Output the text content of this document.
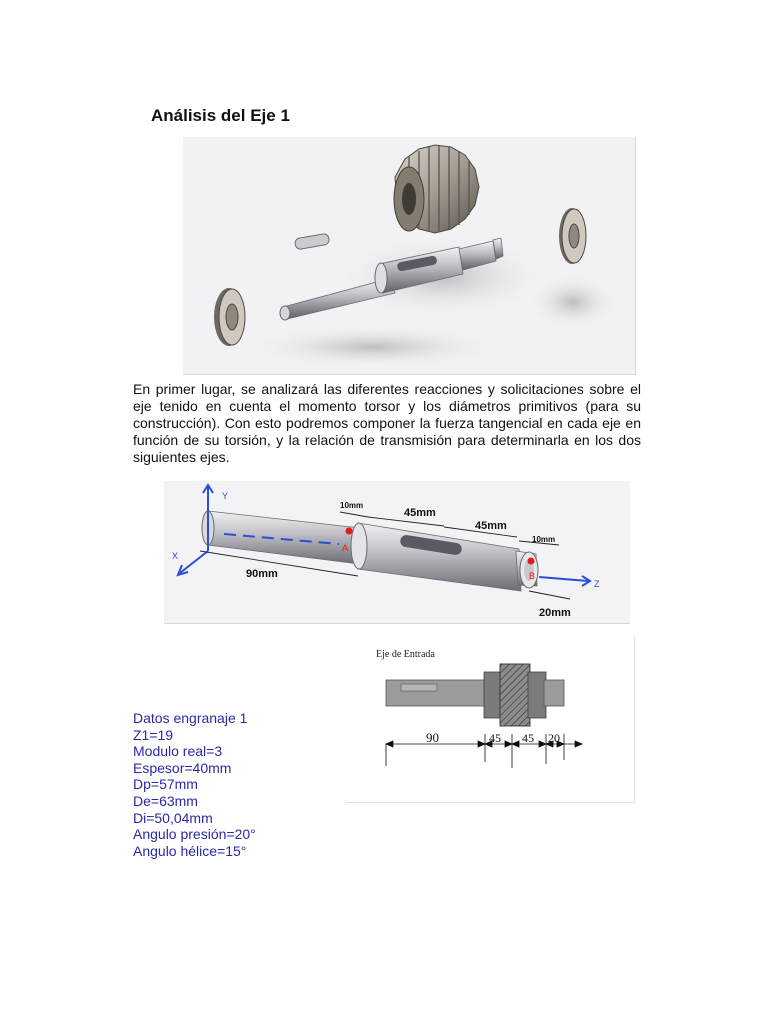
Análisis del Eje 1
En primer lugar, se analizará las diferentes reacciones y solicitaciones sobre el eje tenido en cuenta el momento torsor y los diámetros primitivos (para su construcción). Con esto podremos componer la fuerza tangencial en cada eje en función de su torsión, y la relación de transmisión para determinarla en los dos siguientes ejes.
Y
X
Z
A
B
10mm
45mm
45mm
10mm
90mm
20mm
Eje de Entrada
90	45 45 20
Datos engranaje 1
Z1=19
Modulo real=3
Espesor=40mm
Dp=57mm
De=63mm
Di=50,04mm
Angulo presión=20°
Angulo hélice=15°
